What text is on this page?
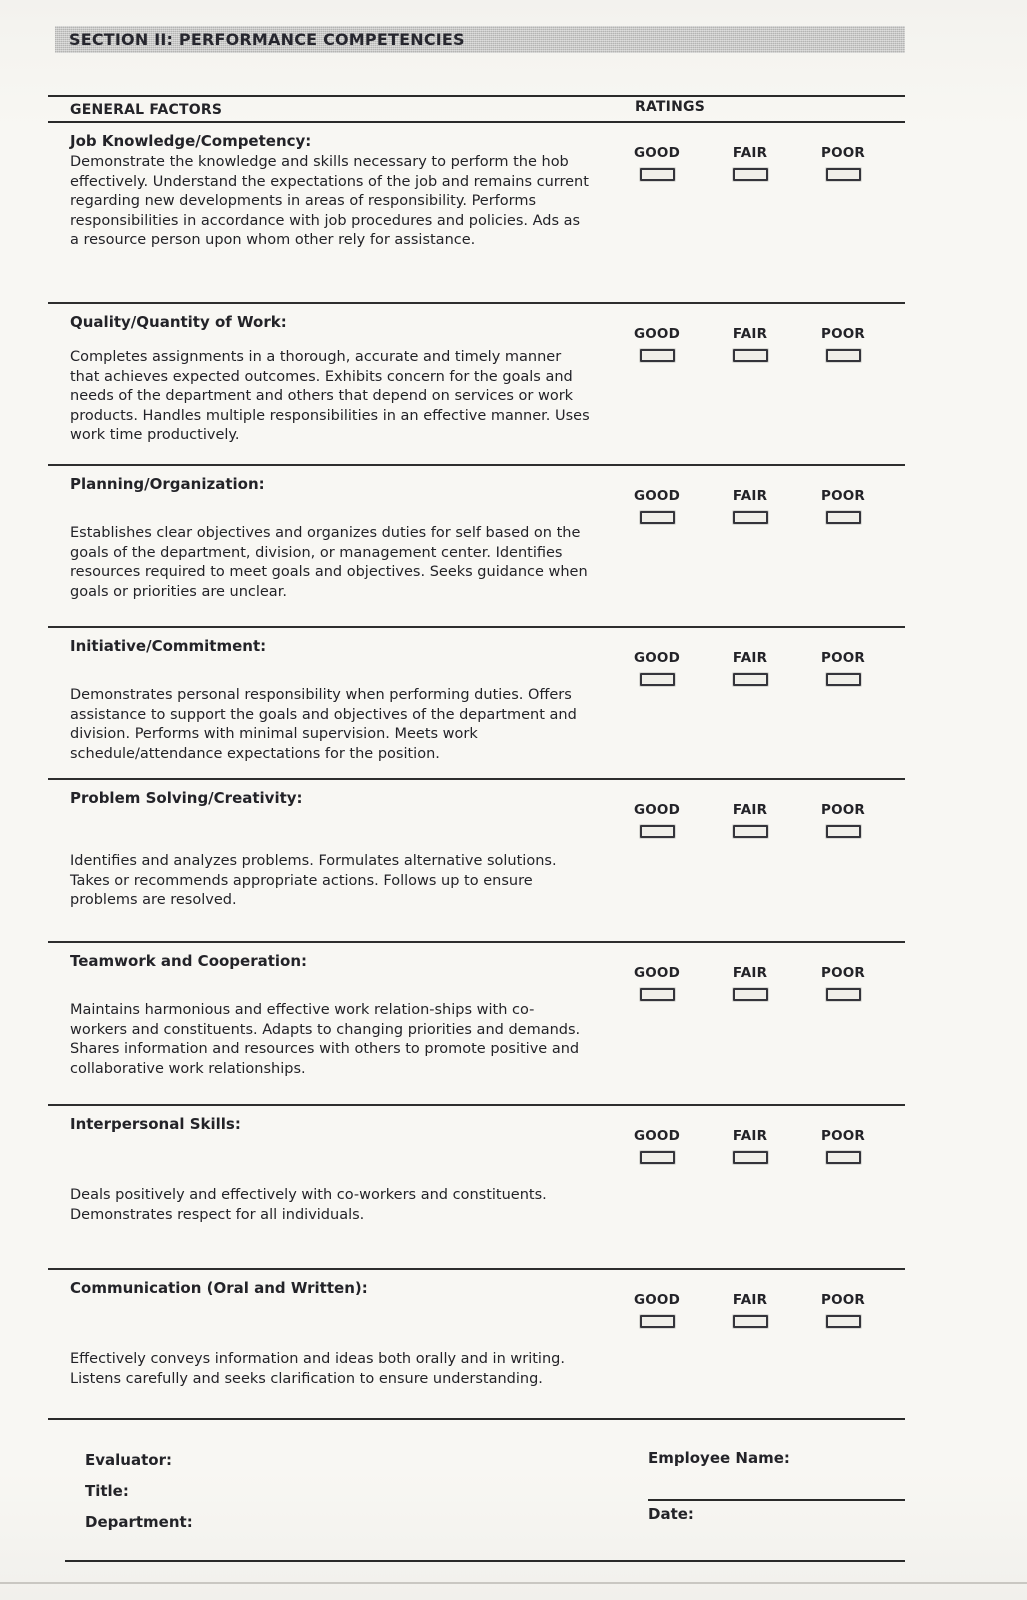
SECTION II: PERFORMANCE COMPETENCIES
GENERAL FACTORS	RATINGS
Job Knowledge/Competency:

Demonstrate the knowledge and skills necessary to perform the hob effectively. Understand the expectations of the job and remains current regarding new developments in areas of responsibility. Performs responsibilities in accordance with job procedures and policies. Ads as a resource person upon whom other rely for assistance.

GOOD	FAIR	POOR
Quality/Quantity of Work:

Completes assignments in a thorough, accurate and timely manner that achieves expected outcomes. Exhibits concern for the goals and needs of the department and others that depend on services or work products. Handles multiple responsibilities in an effective manner. Uses work time productively.

GOOD	FAIR	POOR
Planning/Organization:

Establishes clear objectives and organizes duties for self based on the goals of the department, division, or management center. Identifies resources required to meet goals and objectives. Seeks guidance when goals or priorities are unclear.

GOOD	FAIR	POOR
Initiative/Commitment:

Demonstrates personal responsibility when performing duties. Offers assistance to support the goals and objectives of the department and division. Performs with minimal supervision. Meets work schedule/attendance expectations for the position.

GOOD	FAIR	POOR
Problem Solving/Creativity:

Identifies and analyzes problems. Formulates alternative solutions. Takes or recommends appropriate actions. Follows up to ensure problems are resolved.

GOOD	FAIR	POOR
Teamwork and Cooperation:

Maintains harmonious and effective work relation-ships with co-workers and constituents. Adapts to changing priorities and demands. Shares information and resources with others to promote positive and collaborative work relationships.

GOOD	FAIR	POOR
Interpersonal Skills:

Deals positively and effectively with co-workers and constituents. Demonstrates respect for all individuals.

GOOD	FAIR	POOR
Communication (Oral and Written):

Effectively conveys information and ideas both orally and in writing. Listens carefully and seeks clarification to ensure understanding.

GOOD	FAIR	POOR
Evaluator:
Title:
Department:
Employee Name:
Date:
